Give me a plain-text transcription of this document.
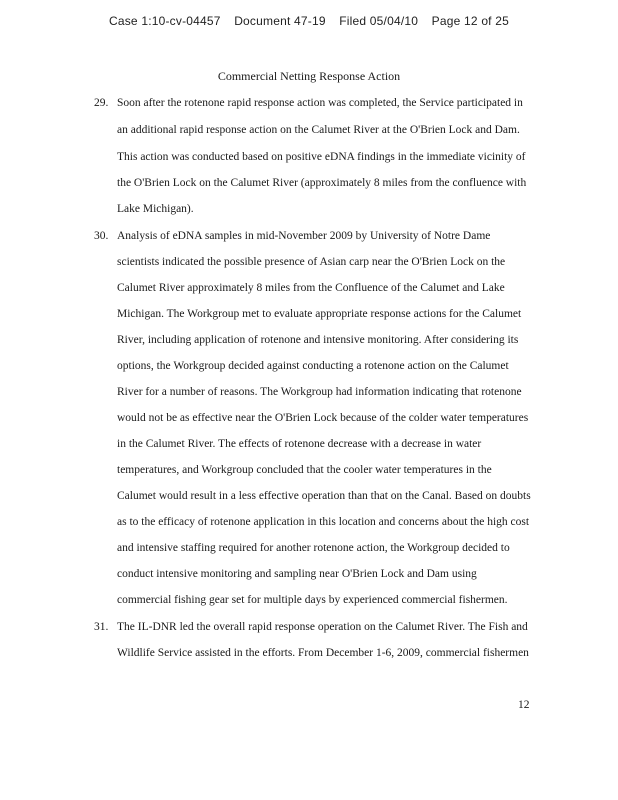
Case 1:10-cv-04457 Document 47-19 Filed 05/04/10 Page 12 of 25
Commercial Netting Response Action
29. Soon after the rotenone rapid response action was completed, the Service participated in
an additional rapid response action on the Calumet River at the O'Brien Lock and Dam.
This action was conducted based on positive eDNA findings in the immediate vicinity of
the O'Brien Lock on the Calumet River (approximately 8 miles from the confluence with
Lake Michigan).
30. Analysis of eDNA samples in mid-November 2009 by University of Notre Dame
scientists indicated the possible presence of Asian carp near the O'Brien Lock on the
Calumet River approximately 8 miles from the Confluence of the Calumet and Lake
Michigan. The Workgroup met to evaluate appropriate response actions for the Calumet
River, including application of rotenone and intensive monitoring. After considering its
options, the Workgroup decided against conducting a rotenone action on the Calumet
River for a number of reasons. The Workgroup had information indicating that rotenone
would not be as effective near the O'Brien Lock because of the colder water temperatures
in the Calumet River. The effects of rotenone decrease with a decrease in water
temperatures, and Workgroup concluded that the cooler water temperatures in the
Calumet would result in a less effective operation than that on the Canal. Based on doubts
as to the efficacy of rotenone application in this location and concerns about the high cost
and intensive staffing required for another rotenone action, the Workgroup decided to
conduct intensive monitoring and sampling near O'Brien Lock and Dam using
commercial fishing gear set for multiple days by experienced commercial fishermen.
31. The IL-DNR led the overall rapid response operation on the Calumet River. The Fish and
Wildlife Service assisted in the efforts. From December 1-6, 2009, commercial fishermen
12
